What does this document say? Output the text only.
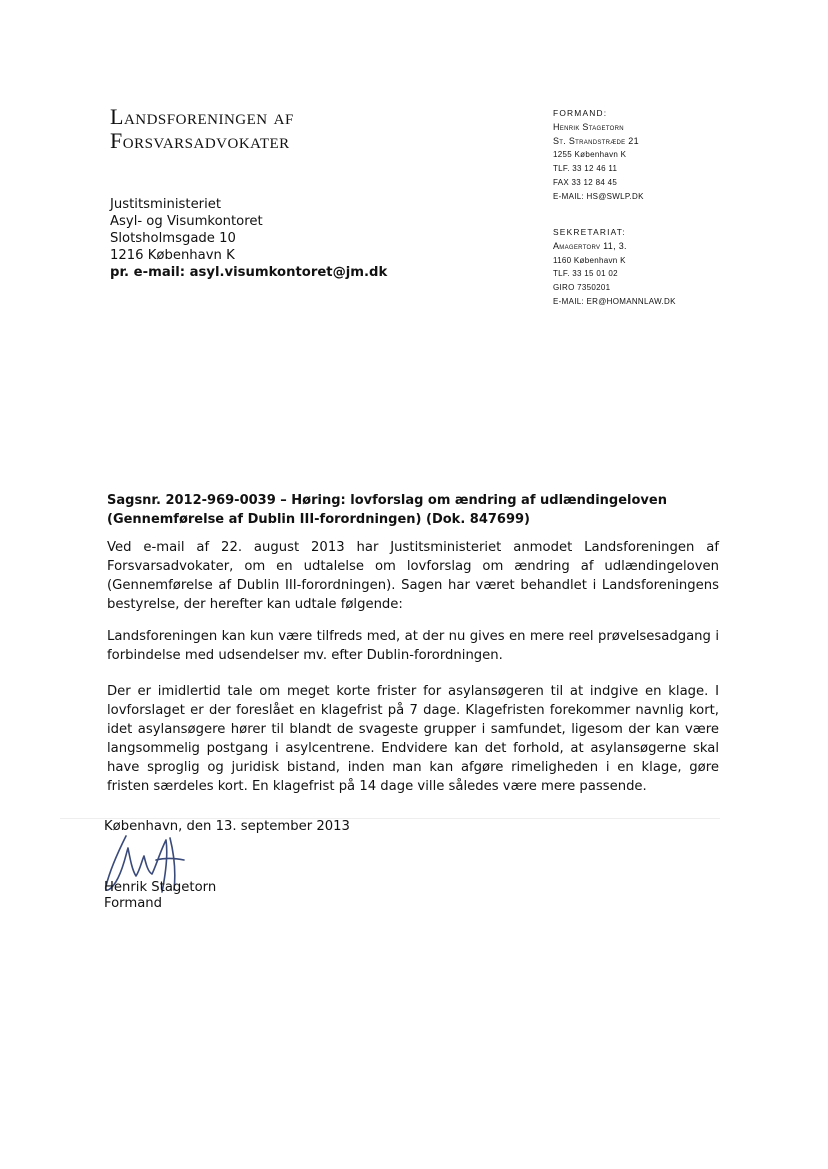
Landsforeningen af
Forsvarsadvokater
FORMAND:
Henrik Stagetorn
St. Strandstræde 21
1255 København K
TLF. 33 12 46 11
FAX 33 12 84 45
E-MAIL: HS@SWLP.DK
SEKRETARIAT:
Amagertorv 11, 3.
1160 København K
TLF. 33 15 01 02
GIRO 7350201
E-MAIL: ER@HOMANNLAW.DK
Justitsministeriet
Asyl- og Visumkontoret
Slotsholmsgade 10
1216 København K
pr. e-mail: asyl.visumkontoret@jm.dk
Sagsnr. 2012-969-0039 – Høring: lovforslag om ændring af udlændingeloven (Gennemførelse af Dublin III-forordningen) (Dok. 847699)
Ved e-mail af 22. august 2013 har Justitsministeriet anmodet Landsforeningen af Forsvarsadvokater, om en udtalelse om lovforslag om ændring af udlændingeloven (Gennemførelse af Dublin III-forordningen). Sagen har været behandlet i Landsforeningens bestyrelse, der herefter kan udtale følgende:
Landsforeningen kan kun være tilfreds med, at der nu gives en mere reel prøvelsesadgang i forbindelse med udsendelser mv. efter Dublin-forordningen.
Der er imidlertid tale om meget korte frister for asylansøgeren til at indgive en klage. I lovforslaget er der foreslået en klagefrist på 7 dage. Klagefristen forekommer navnlig kort, idet asylansøgere hører til blandt de svageste grupper i samfundet, ligesom der kan være langsommelig postgang i asylcentrene. Endvidere kan det forhold, at asylansøgerne skal have sproglig og juridisk bistand, inden man kan afgøre rimeligheden i en klage, gøre fristen særdeles kort. En klagefrist på 14 dage ville således være mere passende.
København, den 13. september 2013
Henrik Stagetorn
Formand
